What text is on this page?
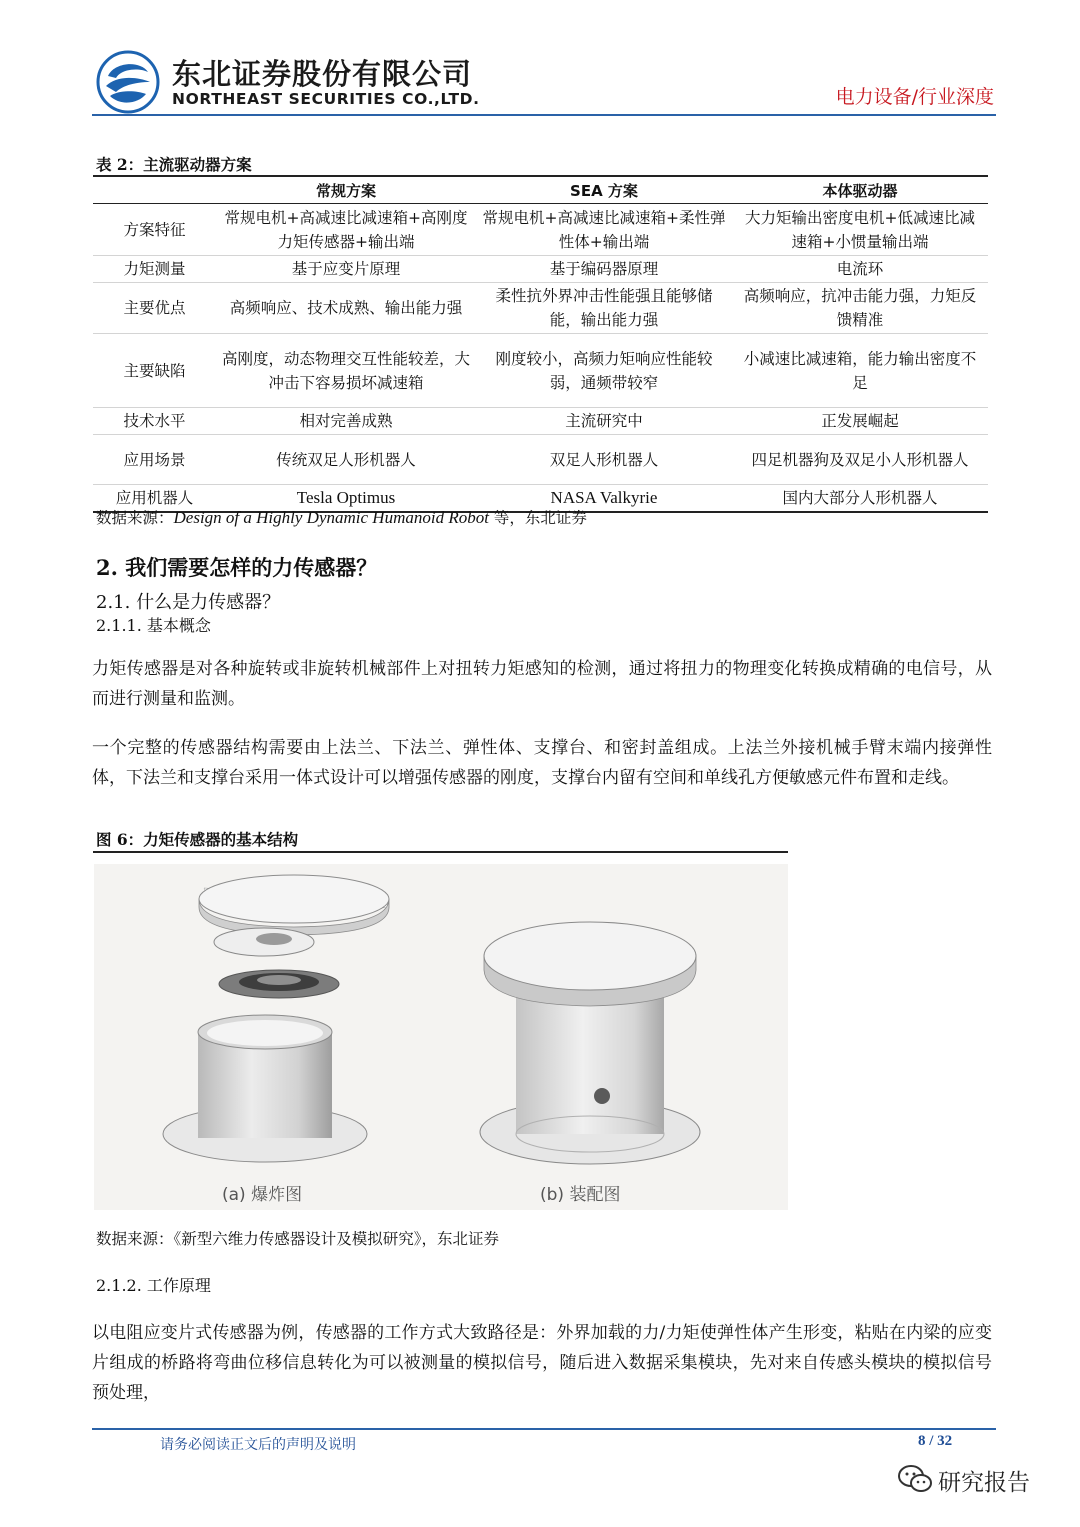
东北证券股份有限公司
NORTHEAST SECURITIES CO.,LTD.	电力设备/行业深度
表 2：主流驱动器方案
	常规方案	SEA 方案	本体驱动器
方案特征	常规电机+高减速比减速箱+高刚度力矩传感器+输出端	常规电机+高减速比减速箱+柔性弹性体+输出端	大力矩输出密度电机+低减速比减速箱+小惯量输出端
力矩测量	基于应变片原理	基于编码器原理	电流环
主要优点	高频响应、技术成熟、输出能力强	柔性抗外界冲击性能强且能够储能，输出能力强	高频响应，抗冲击能力强，力矩反馈精准
主要缺陷	高刚度，动态物理交互性能较差，大冲击下容易损坏减速箱	刚度较小，高频力矩响应性能较弱，通频带较窄	小减速比减速箱，能力输出密度不足
技术水平	相对完善成熟	主流研究中	正发展崛起
应用场景	传统双足人形机器人	双足人形机器人	四足机器狗及双足小人形机器人
应用机器人	Tesla Optimus	NASA Valkyrie	国内大部分人形机器人
数据来源：Design of a Highly Dynamic Humanoid Robot 等，东北证券
2. 我们需要怎样的力传感器？
2.1. 什么是力传感器？
2.1.1. 基本概念
力矩传感器是对各种旋转或非旋转机械部件上对扭转力矩感知的检测，通过将扭力的物理变化转换成精确的电信号，从而进行测量和监测。
一个完整的传感器结构需要由上法兰、下法兰、弹性体、支撑台、和密封盖组成。上法兰外接机械手臂末端内接弹性体，下法兰和支撑台采用一体式设计可以增强传感器的刚度，支撑台内留有空间和单线孔方便敏感元件布置和走线。
图 6：力矩传感器的基本结构
(a) 爆炸图	(b) 装配图
数据来源：《新型六维力传感器设计及模拟研究》，东北证券
2.1.2. 工作原理
以电阻应变片式传感器为例，传感器的工作方式大致路径是：外界加载的力/力矩使弹性体产生形变，粘贴在内梁的应变片组成的桥路将弯曲位移信息转化为可以被测量的模拟信号，随后进入数据采集模块，先对来自传感头模块的模拟信号预处理，
请务必阅读正文后的声明及说明	8 / 32
研究报告
